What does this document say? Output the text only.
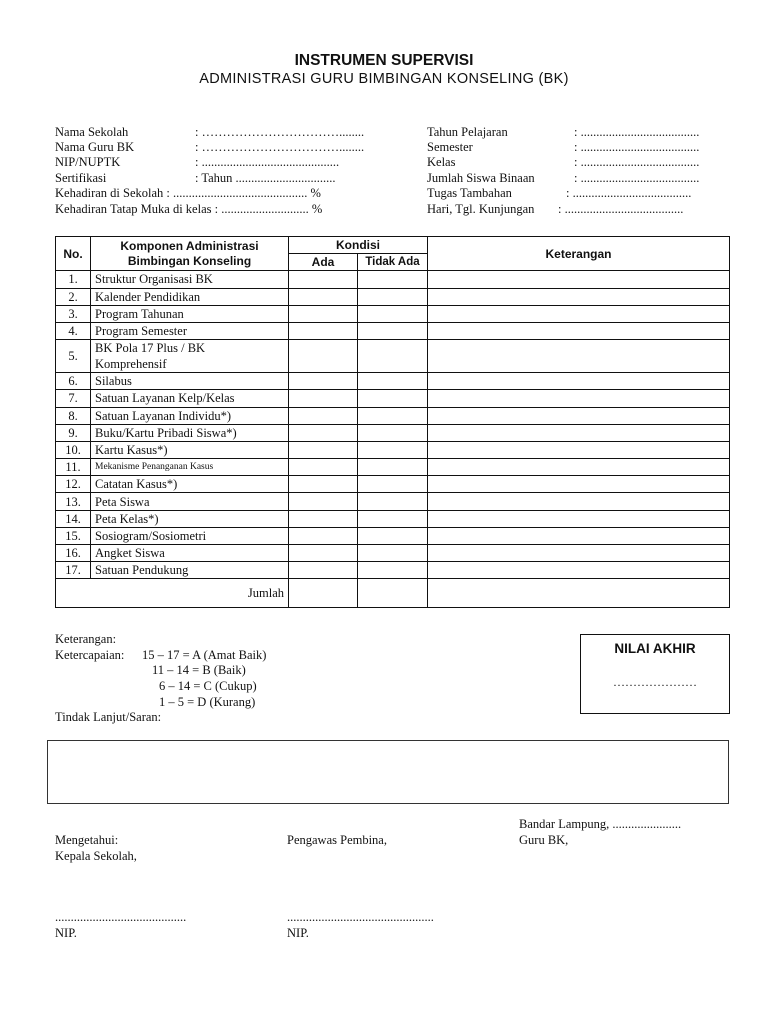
INSTRUMEN SUPERVISI
ADMINISTRASI GURU BIMBINGAN KONSELING (BK)
Nama Sekolah	: ……………………………........
Nama Guru BK	: ……………………………........
NIP/NUPTK	: ............................................
Sertifikasi	: Tahun ................................
Kehadiran di Sekolah : ........................................... %
Kehadiran Tatap Muka di kelas : ............................ %
Tahun Pelajaran	: ......................................
Semester	: ......................................
Kelas	: ......................................
Jumlah Siswa Binaan	: ......................................
Tugas Tambahan	: ......................................
Hari, Tgl. Kunjungan : ......................................
No.	Komponen Administrasi
Bimbingan Konseling	Kondisi		Keterangan
		Ada	Tidak Ada	
1.	Struktur Organisasi BK			
2.	Kalender Pendidikan			
3.	Program Tahunan			
4.	Program Semester			
5.	BK Pola 17 Plus / BK
Komprehensif			
6.	Silabus			
7.	Satuan Layanan Kelp/Kelas			
8.	Satuan Layanan Individu*)			
9.	Buku/Kartu Pribadi Siswa*)			
10.	Kartu Kasus*)			
11.	Mekanisme Penanganan Kasus			
12.	Catatan Kasus*)			
13.	Peta Siswa			
14.	Peta Kelas*)			
15.	Sosiogram/Sosiometri			
16.	Angket Siswa			
17.	Satuan Pendukung			
Jumlah				
Keterangan:
Ketercapaian: 15 – 17 = A (Amat Baik)
11 – 14 = B (Baik)
6 – 14 = C (Cukup)
1 – 5 = D (Kurang)
Tindak Lanjut/Saran:
NILAI AKHIR
…………………
Bandar Lampung, ......................
Mengetahui:
Kepala Sekolah,
Pengawas Pembina,	Guru BK,
..........................................	...............................................
NIP.	NIP.
